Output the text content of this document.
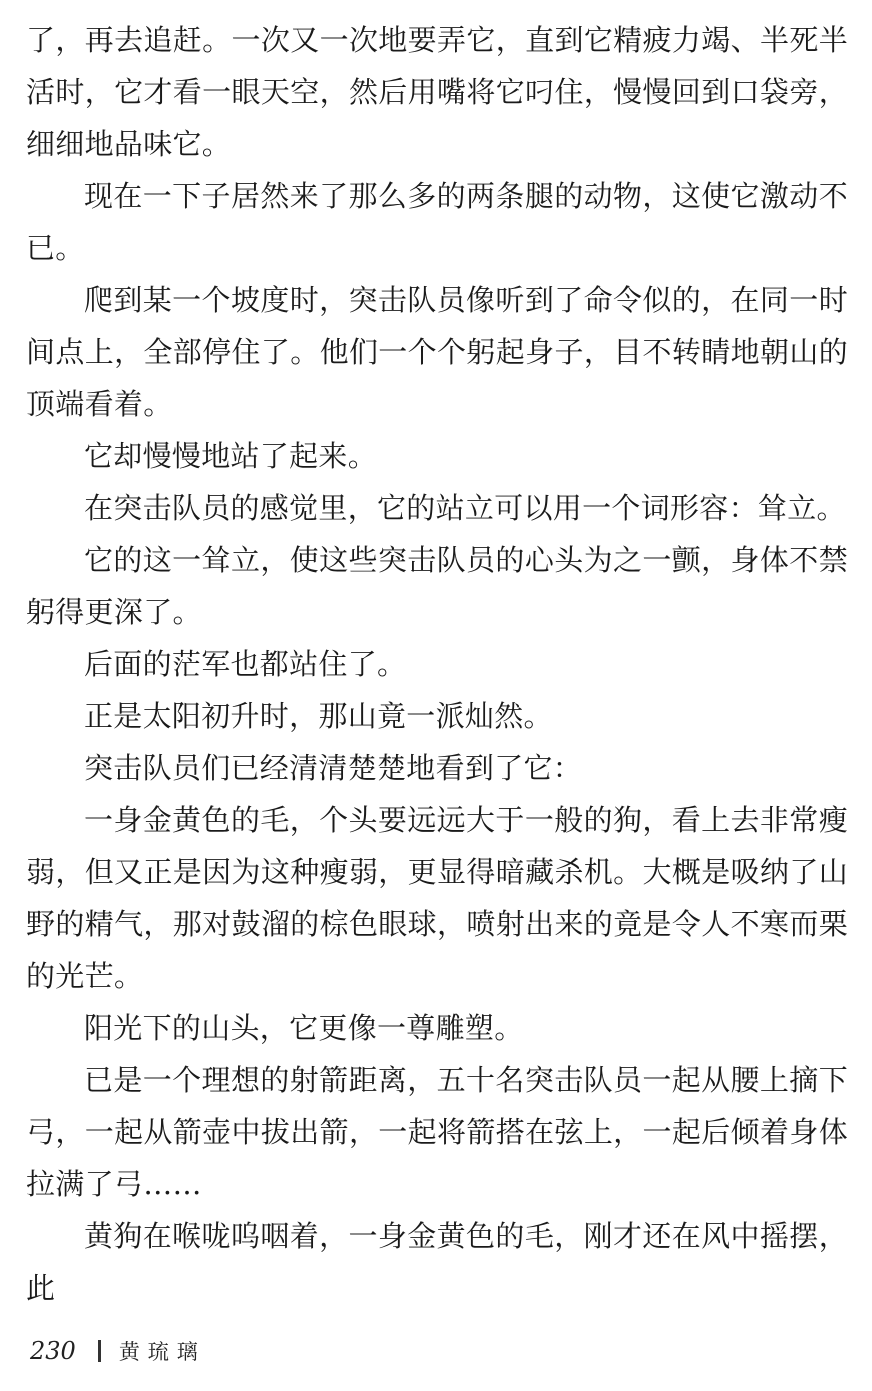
了，再去追赶。一次又一次地要弄它，直到它精疲力竭、半死半活时，它才看一眼天空，然后用嘴将它叼住，慢慢回到口袋旁，细细地品味它。

现在一下子居然来了那么多的两条腿的动物，这使它激动不已。

爬到某一个坡度时，突击队员像听到了命令似的，在同一时间点上，全部停住了。他们一个个躬起身子，目不转睛地朝山的顶端看着。

它却慢慢地站了起来。

在突击队员的感觉里，它的站立可以用一个词形容：耸立。

它的这一耸立，使这些突击队员的心头为之一颤，身体不禁躬得更深了。

后面的茫军也都站住了。

正是太阳初升时，那山竟一派灿然。

突击队员们已经清清楚楚地看到了它：

一身金黄色的毛，个头要远远大于一般的狗，看上去非常瘦弱，但又正是因为这种瘦弱，更显得暗藏杀机。大概是吸纳了山野的精气，那对鼓溜的棕色眼球，喷射出来的竟是令人不寒而栗的光芒。

阳光下的山头，它更像一尊雕塑。

已是一个理想的射箭距离，五十名突击队员一起从腰上摘下弓，一起从箭壶中拔出箭，一起将箭搭在弦上，一起后倾着身体拉满了弓……

黄狗在喉咙呜咽着，一身金黄色的毛，刚才还在风中摇摆，此

230 黄琉璃
